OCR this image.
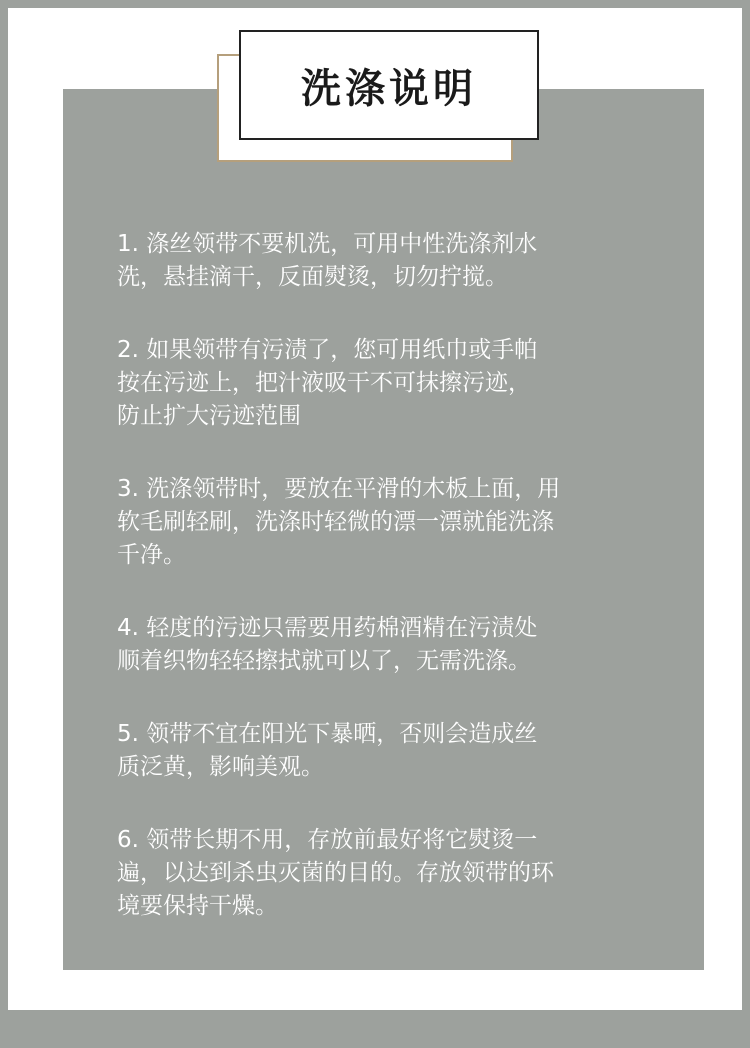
洗涤说明
1. 涤丝领带不要机洗，可用中性洗涤剂水
洗，悬挂滴干，反面熨烫，切勿拧搅。
2. 如果领带有污渍了，您可用纸巾或手帕
按在污迹上，把汁液吸干不可抹擦污迹，
防止扩大污迹范围
3. 洗涤领带时，要放在平滑的木板上面，用
软毛刷轻刷，洗涤时轻微的漂一漂就能洗涤
千净。
4. 轻度的污迹只需要用药棉酒精在污渍处
顺着织物轻轻擦拭就可以了，无需洗涤。
5. 领带不宜在阳光下暴晒，否则会造成丝
质泛黄，影响美观。
6. 领带长期不用，存放前最好将它熨烫一
遍，以达到杀虫灭菌的目的。存放领带的环
境要保持干燥。
